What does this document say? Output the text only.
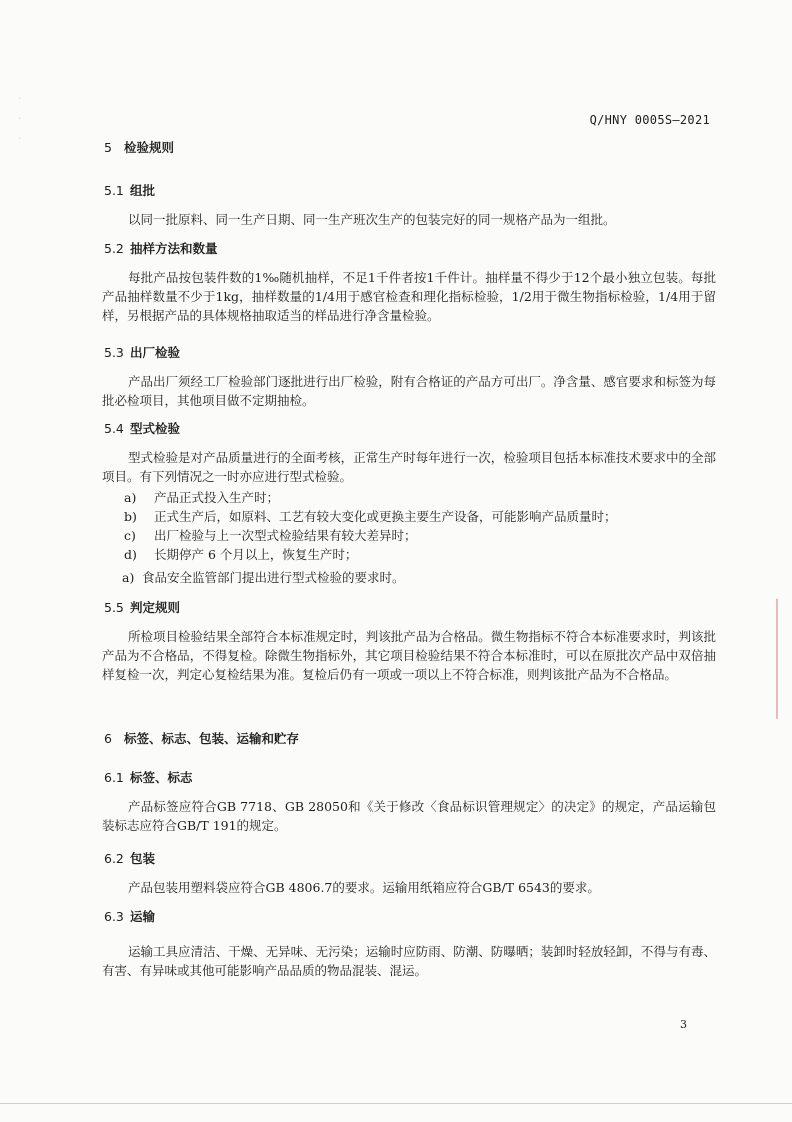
·

·

·
Q/HNY 0005S—2021
5 检验规则
5.1 组批
以同一批原料、同一生产日期、同一生产班次生产的包装完好的同一规格产品为一组批。
5.2 抽样方法和数量
每批产品按包装件数的1‰随机抽样，不足1千件者按1千件计。抽样量不得少于12个最小独立包装。每批产品抽样数量不少于1kg，抽样数量的1/4用于感官检查和理化指标检验，1/2用于微生物指标检验，1/4用于留样，另根据产品的具体规格抽取适当的样品进行净含量检验。
5.3 出厂检验
产品出厂须经工厂检验部门逐批进行出厂检验，附有合格证的产品方可出厂。净含量、感官要求和标签为每批必检项目，其他项目做不定期抽检。
5.4 型式检验
型式检验是对产品质量进行的全面考核，正常生产时每年进行一次，检验项目包括本标准技术要求中的全部项目。有下列情况之一时亦应进行型式检验。
a) 产品正式投入生产时；
b) 正式生产后，如原料、工艺有较大变化或更换主要生产设备，可能影响产品质量时；
c) 出厂检验与上一次型式检验结果有较大差异时；
d) 长期停产 6 个月以上，恢复生产时；
a) 食品安全监管部门提出进行型式检验的要求时。
5.5 判定规则
所检项目检验结果全部符合本标准规定时，判该批产品为合格品。微生物指标不符合本标准要求时，判该批产品为不合格品，不得复检。除微生物指标外，其它项目检验结果不符合本标准时，可以在原批次产品中双倍抽样复检一次，判定心复检结果为准。复检后仍有一项或一项以上不符合标准，则判该批产品为不合格品。
6 标签、标志、包装、运输和贮存
6.1 标签、标志
产品标签应符合GB 7718、GB 28050和《关于修改〈食品标识管理规定〉的决定》的规定，产品运输包装标志应符合GB/T 191的规定。
6.2 包装
产品包装用塑料袋应符合GB 4806.7的要求。运输用纸箱应符合GB/T 6543的要求。
6.3 运输
运输工具应清洁、干燥、无异味、无污染；运输时应防雨、防潮、防曝晒；装卸时轻放轻卸，不得与有毒、有害、有异味或其他可能影响产品品质的物品混装、混运。
3
